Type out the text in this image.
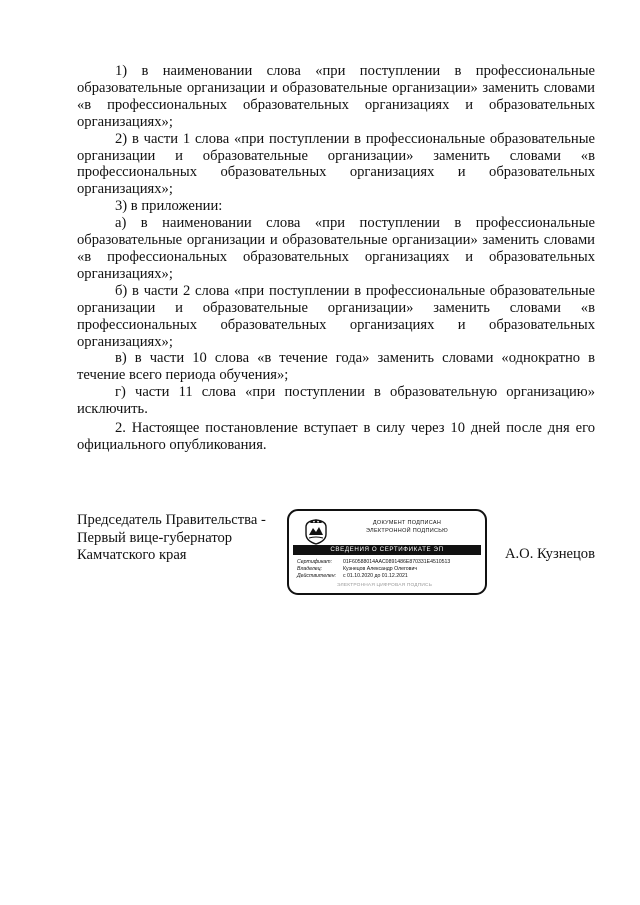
1) в наименовании слова «при поступлении в профессиональные образовательные организации и образовательные организации» заменить словами «в профессиональных образовательных организациях и образовательных организациях»;

2) в части 1 слова «при поступлении в профессиональные образовательные организации и образовательные организации» заменить словами «в профессиональных образовательных организациях и образовательных организациях»;

3) в приложении:

а) в наименовании слова «при поступлении в профессиональные образовательные организации и образовательные организации» заменить словами «в профессиональных образовательных организациях и образовательных организациях»;

б) в части 2 слова «при поступлении в профессиональные образовательные организации и образовательные организации» заменить словами «в профессиональных образовательных организациях и образовательных организациях»;

в) в части 10 слова «в течение года» заменить словами «однократно в течение всего периода обучения»;

г) части 11 слова «при поступлении в образовательную организацию» исключить.

2. Настоящее постановление вступает в силу через 10 дней после дня его официального опубликования.

Председатель Правительства -
Первый вице-губернатор
Камчатского края
ДОКУМЕНТ ПОДПИСАН
ЭЛЕКТРОННОЙ ПОДПИСЬЮ
СВЕДЕНИЯ О СЕРТИФИКАТЕ ЭП
Сертификат:	01F60588014AAC0891486E870331E4510513
Владелец:	Кузнецов Александр Олегович
Действителен:	с 01.10.2020 до 01.12.2021
ЭЛЕКТРОННАЯ ЦИФРОВАЯ ПОДПИСЬ
А.О. Кузнецов
